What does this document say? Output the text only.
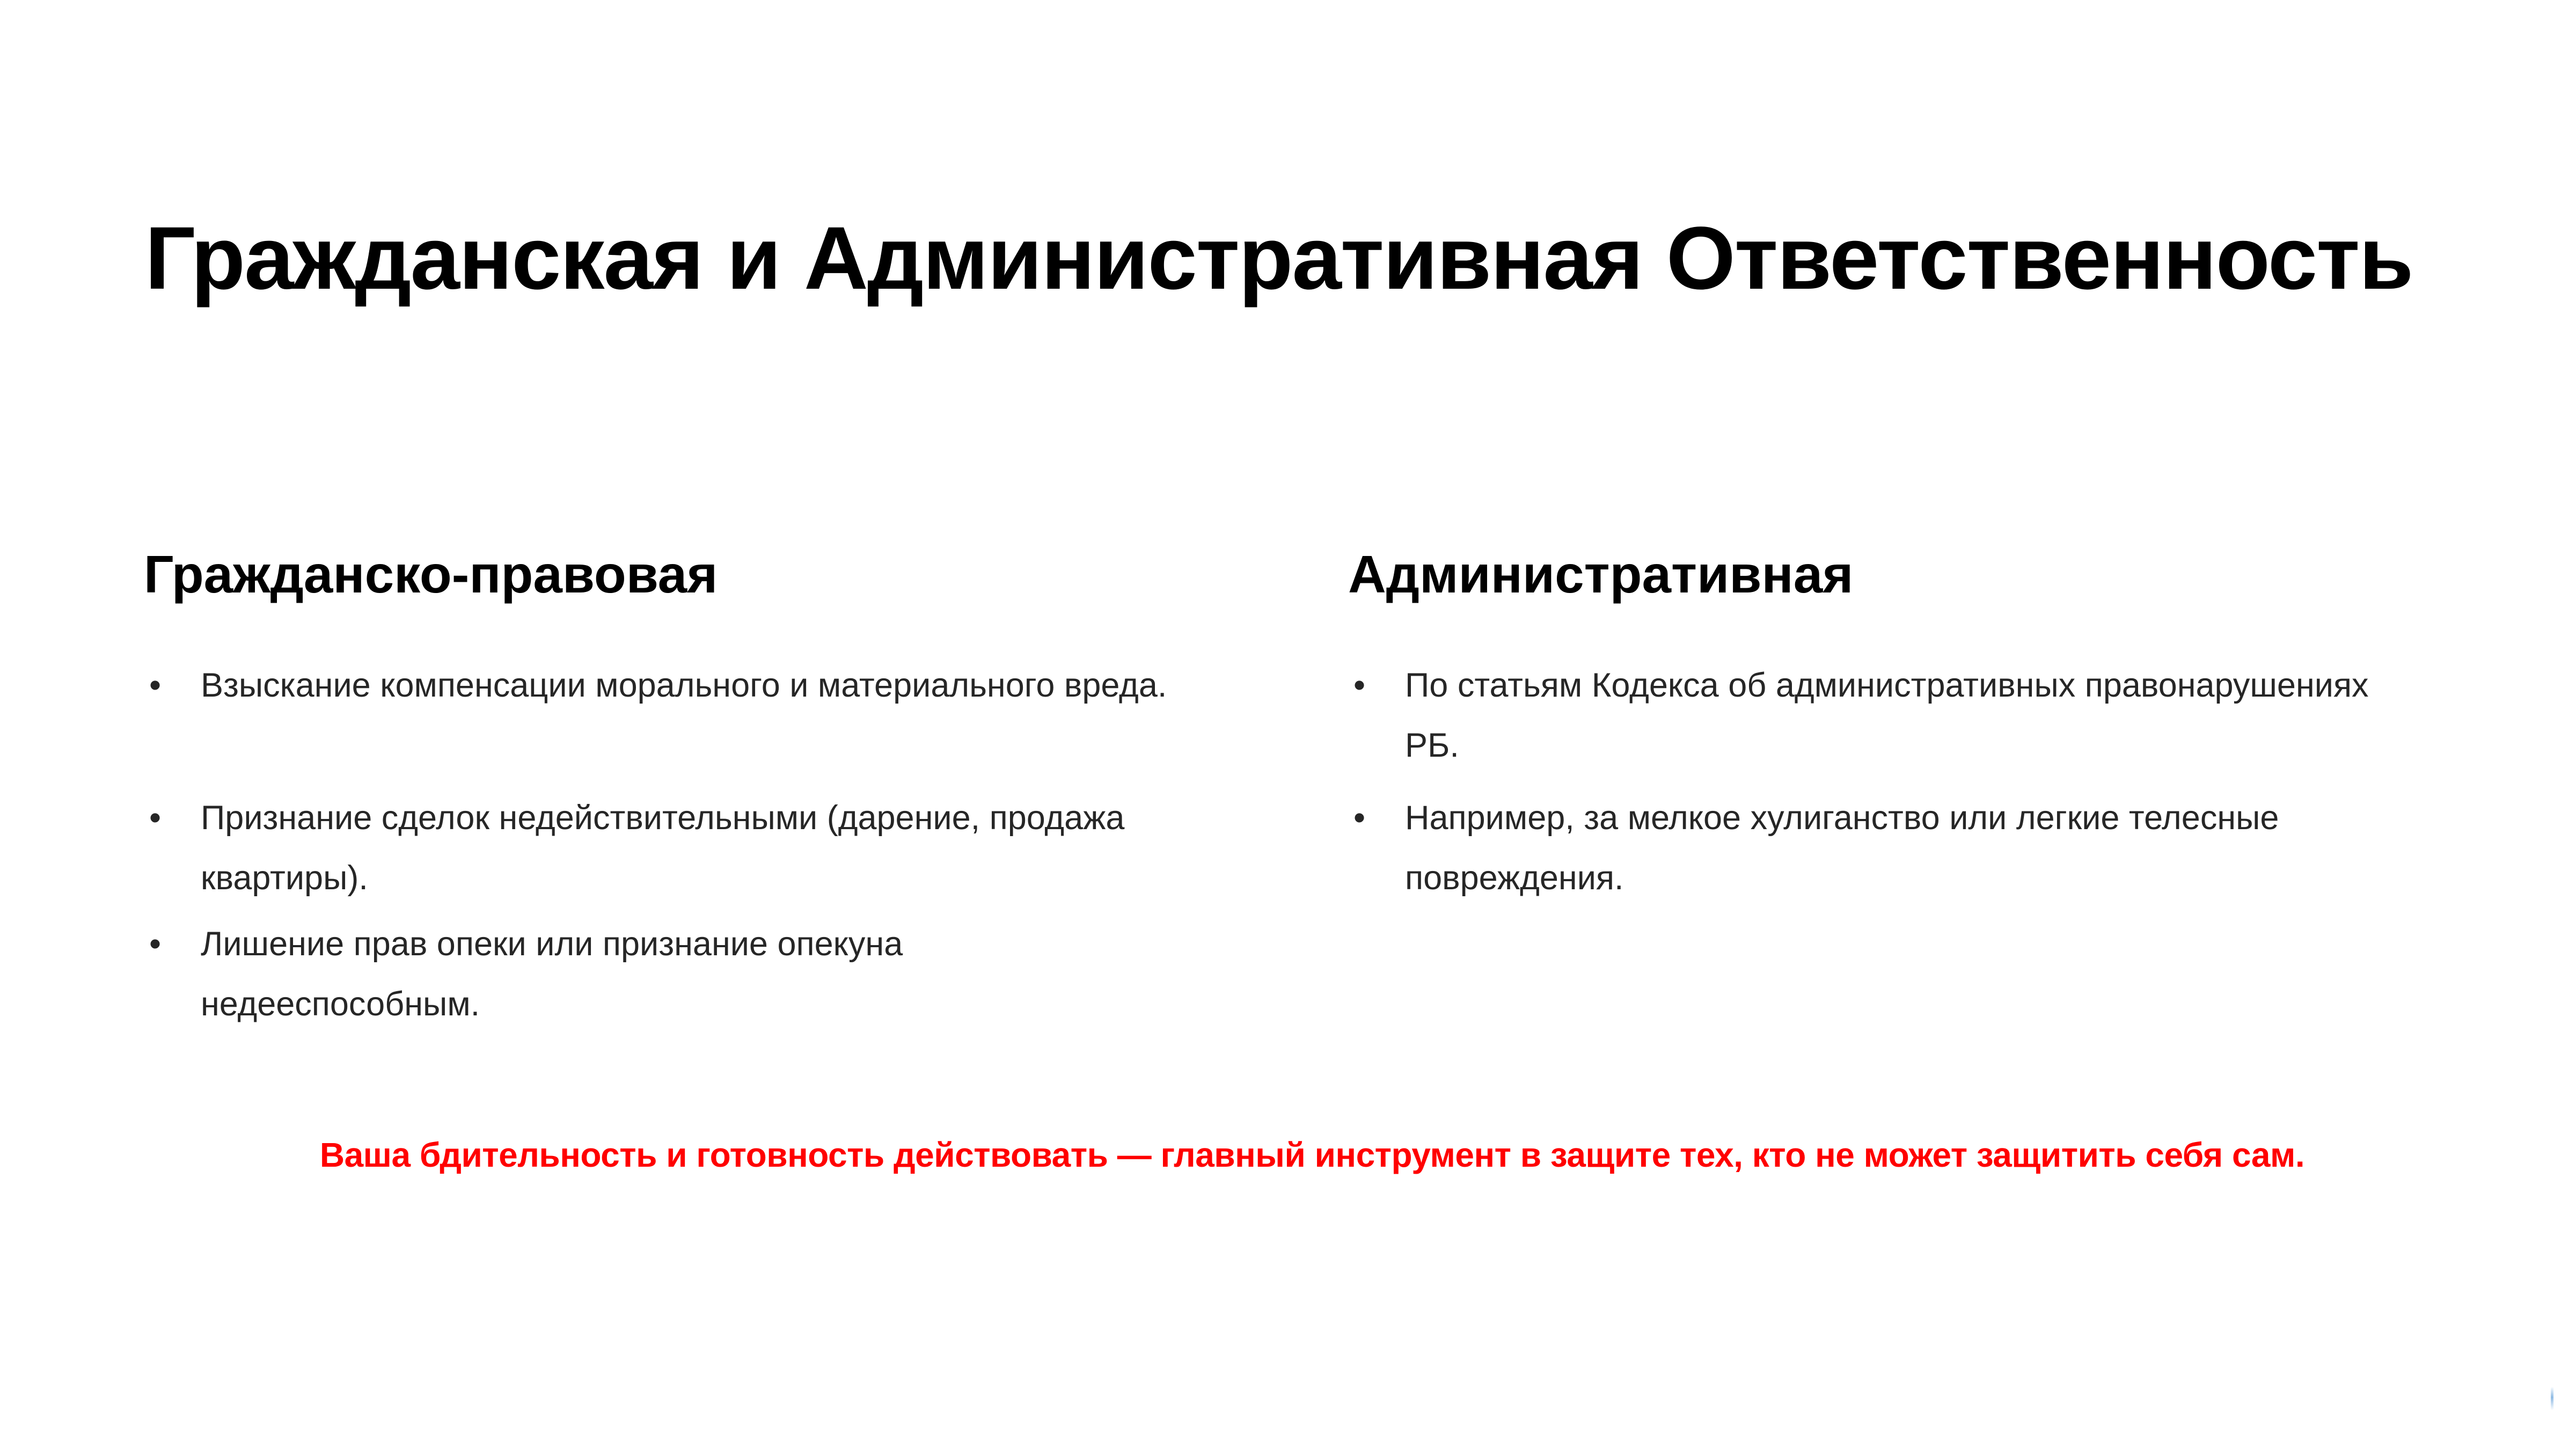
Гражданская и Административная Ответственность
Гражданско-правовая
• Взыскание компенсации морального и материального вреда.
• Признание сделок недействительными (дарение, продажа
квартиры).
• Лишение прав опеки или признание опекуна
недееспособным.
Административная
• По статьям Кодекса об административных правонарушениях
РБ.
• Например, за мелкое хулиганство или легкие телесные
повреждения.

Ваша бдительность и готовность действовать — главный инструмент в защите тех, кто не может защитить себя сам.
